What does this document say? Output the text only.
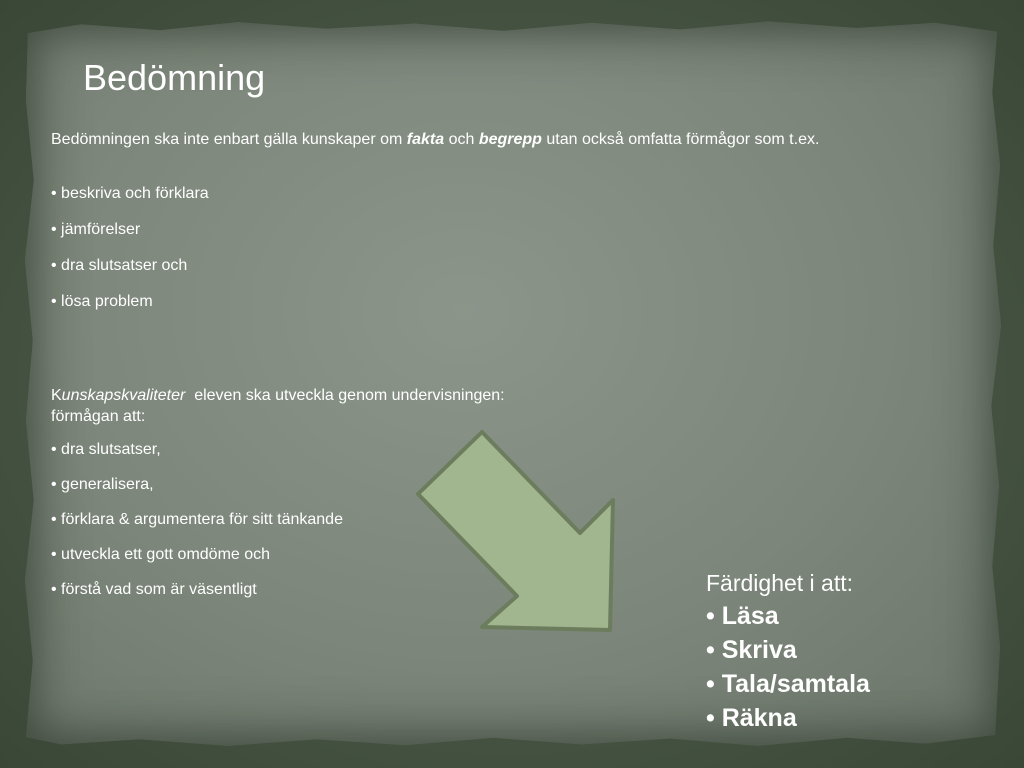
Bedömning
Bedömningen ska inte enbart gälla kunskaper om fakta och begrepp utan också omfatta förmågor som t.ex.
• beskriva och förklara
• jämförelser
• dra slutsatser och
• lösa problem
Kunskapskvaliteter  eleven ska utveckla genom undervisningen:
förmågan att:
• dra slutsatser,
• generalisera,
• förklara & argumentera för sitt tänkande
• utveckla ett gott omdöme och
• förstå vad som är väsentligt	Färdighet i att:
• Läsa
• Skriva
• Tala/samtala
• Räkna
